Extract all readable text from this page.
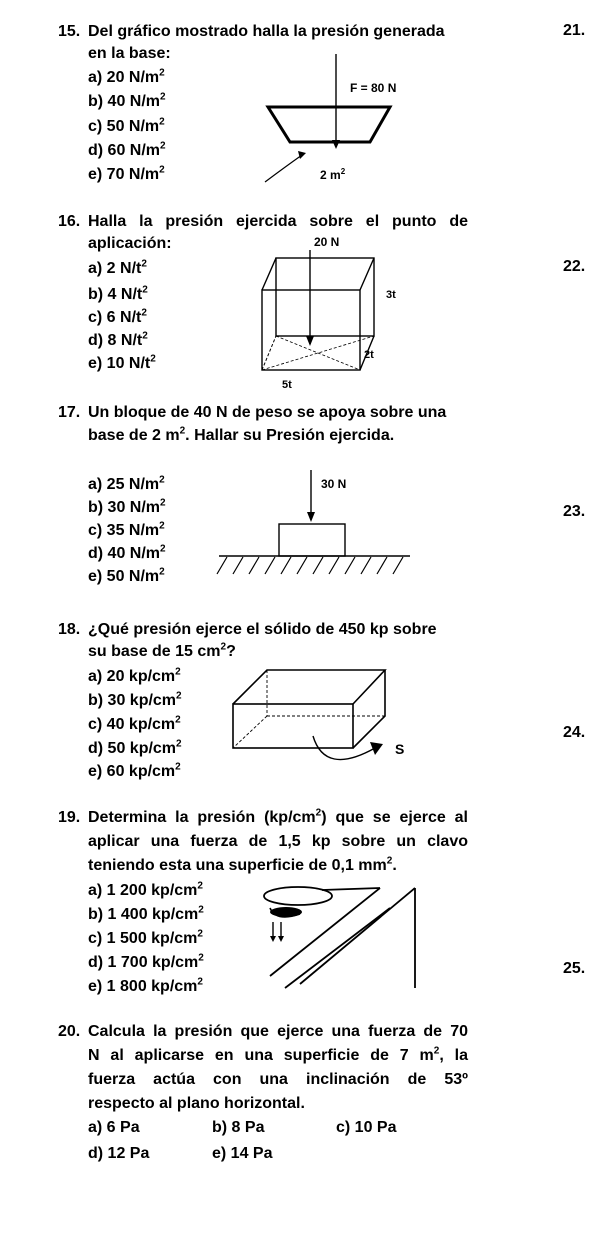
21.
22.
23.
24.
25.
15. Del gráfico mostrado halla la presión generada
en la base:
a) 20 $N/m^2$
b) 40 $N/m^2$
c) 50 $N/m^2$
d) 60 $N/m^2$
e) 70 $N/m^2$
F = 80 N
2 $m^2$
16. Halla la presión ejercida sobre el punto de
aplicación:
a) 2 $N/t^2$
b) 4 $N/t^2$
c) 6 $N/t^2$
d) 8 $N/t^2$
e) 10 $N/t^2$
20 N
3t
2t
5t
17. Un bloque de 40 N de peso se apoya sobre una
base de 2 $m^2$. Hallar su Presión ejercida.
a) 25 $N/m^2$
b) 30 $N/m^2$
c) 35 $N/m^2$
d) 40 $N/m^2$
e) 50 $N/m^2$
30 N
18. ¿Qué presión ejerce el sólido de 450 kp sobre
su base de 15 $cm^2$?
a) 20 $kp/cm^2$
b) 30 $kp/cm^2$
c) 40 $kp/cm^2$
d) 50 $kp/cm^2$
e) 60 $kp/cm^2$
S
19. Determina la presión $(kp/cm^2)$ que se ejerce al
aplicar una fuerza de 1,5 kp sobre un clavo
teniendo esta una superficie de 0,1 $mm^2$.
a) 1 200 $kp/cm^2$
b) 1 400 $kp/cm^2$
c) 1 500 $kp/cm^2$
d) 1 700 $kp/cm^2$
e) 1 800 $kp/cm^2$
20. Calcula la presión que ejerce una fuerza de 70
N al aplicarse en una superficie de 7 $m^2$, la
fuerza actúa con una inclinación de 53º
respecto al plano horizontal.
a) 6 Pa	b) 8 Pa	c) 10 Pa
d) 12 Pa	e) 14 Pa
